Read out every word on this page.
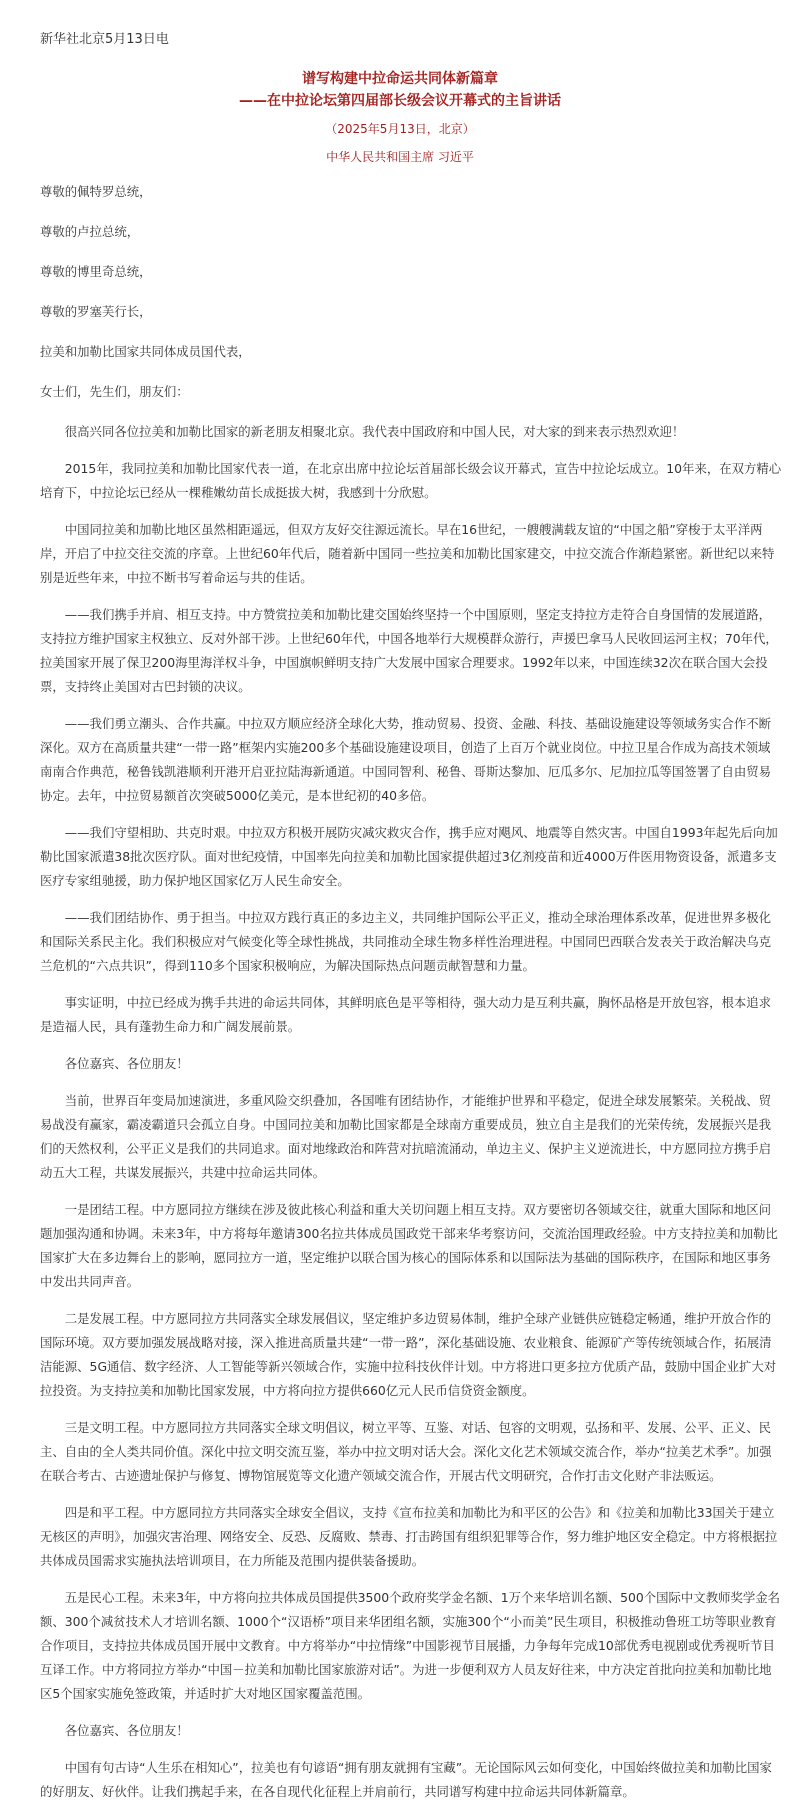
新华社北京5月13日电
谱写构建中拉命运共同体新篇章
——在中拉论坛第四届部长级会议开幕式的主旨讲话
（2025年5月13日，北京）
中华人民共和国主席 习近平

尊敬的佩特罗总统，

尊敬的卢拉总统，

尊敬的博里奇总统，

尊敬的罗塞芙行长，

拉美和加勒比国家共同体成员国代表，

女士们，先生们，朋友们：

　　很高兴同各位拉美和加勒比国家的新老朋友相聚北京。我代表中国政府和中国人民，对大家的到来表示热烈欢迎！

　　2015年，我同拉美和加勒比国家代表一道，在北京出席中拉论坛首届部长级会议开幕式，宣告中拉论坛成立。10年来，在双方精心培育下，中拉论坛已经从一棵稚嫩幼苗长成挺拔大树，我感到十分欣慰。

　　中国同拉美和加勒比地区虽然相距遥远，但双方友好交往源远流长。早在16世纪，一艘艘满载友谊的“中国之船”穿梭于太平洋两岸，开启了中拉交往交流的序章。上世纪60年代后，随着新中国同一些拉美和加勒比国家建交，中拉交流合作渐趋紧密。新世纪以来特别是近些年来，中拉不断书写着命运与共的佳话。

　　——我们携手并肩、相互支持。中方赞赏拉美和加勒比建交国始终坚持一个中国原则，坚定支持拉方走符合自身国情的发展道路，支持拉方维护国家主权独立、反对外部干涉。上世纪60年代，中国各地举行大规模群众游行，声援巴拿马人民收回运河主权；70年代，拉美国家开展了保卫200海里海洋权斗争，中国旗帜鲜明支持广大发展中国家合理要求。1992年以来，中国连续32次在联合国大会投票，支持终止美国对古巴封锁的决议。

　　——我们勇立潮头、合作共赢。中拉双方顺应经济全球化大势，推动贸易、投资、金融、科技、基础设施建设等领域务实合作不断深化。双方在高质量共建“一带一路”框架内实施200多个基础设施建设项目，创造了上百万个就业岗位。中拉卫星合作成为高技术领域南南合作典范，秘鲁钱凯港顺利开港开启亚拉陆海新通道。中国同智利、秘鲁、哥斯达黎加、厄瓜多尔、尼加拉瓜等国签署了自由贸易协定。去年，中拉贸易额首次突破5000亿美元，是本世纪初的40多倍。

　　——我们守望相助、共克时艰。中拉双方积极开展防灾减灾救灾合作，携手应对飓风、地震等自然灾害。中国自1993年起先后向加勒比国家派遣38批次医疗队。面对世纪疫情，中国率先向拉美和加勒比国家提供超过3亿剂疫苗和近4000万件医用物资设备，派遣多支医疗专家组驰援，助力保护地区国家亿万人民生命安全。

　　——我们团结协作、勇于担当。中拉双方践行真正的多边主义，共同维护国际公平正义，推动全球治理体系改革，促进世界多极化和国际关系民主化。我们积极应对气候变化等全球性挑战，共同推动全球生物多样性治理进程。中国同巴西联合发表关于政治解决乌克兰危机的“六点共识”，得到110多个国家积极响应，为解决国际热点问题贡献智慧和力量。

　　事实证明，中拉已经成为携手共进的命运共同体，其鲜明底色是平等相待，强大动力是互利共赢，胸怀品格是开放包容，根本追求是造福人民，具有蓬勃生命力和广阔发展前景。

　　各位嘉宾、各位朋友！

　　当前，世界百年变局加速演进，多重风险交织叠加，各国唯有团结协作，才能维护世界和平稳定，促进全球发展繁荣。关税战、贸易战没有赢家，霸凌霸道只会孤立自身。中国同拉美和加勒比国家都是全球南方重要成员，独立自主是我们的光荣传统，发展振兴是我们的天然权利，公平正义是我们的共同追求。面对地缘政治和阵营对抗暗流涌动，单边主义、保护主义逆流进长，中方愿同拉方携手启动五大工程，共谋发展振兴，共建中拉命运共同体。

　　一是团结工程。中方愿同拉方继续在涉及彼此核心利益和重大关切问题上相互支持。双方要密切各领域交往，就重大国际和地区问题加强沟通和协调。未来3年，中方将每年邀请300名拉共体成员国政党干部来华考察访问，交流治国理政经验。中方支持拉美和加勒比国家扩大在多边舞台上的影响，愿同拉方一道，坚定维护以联合国为核心的国际体系和以国际法为基础的国际秩序，在国际和地区事务中发出共同声音。

　　二是发展工程。中方愿同拉方共同落实全球发展倡议，坚定维护多边贸易体制，维护全球产业链供应链稳定畅通，维护开放合作的国际环境。双方要加强发展战略对接，深入推进高质量共建“一带一路”，深化基础设施、农业粮食、能源矿产等传统领域合作，拓展清洁能源、5G通信、数字经济、人工智能等新兴领域合作，实施中拉科技伙伴计划。中方将进口更多拉方优质产品，鼓励中国企业扩大对拉投资。为支持拉美和加勒比国家发展，中方将向拉方提供660亿元人民币信贷资金额度。

　　三是文明工程。中方愿同拉方共同落实全球文明倡议，树立平等、互鉴、对话、包容的文明观，弘扬和平、发展、公平、正义、民主、自由的全人类共同价值。深化中拉文明交流互鉴，举办中拉文明对话大会。深化文化艺术领域交流合作，举办“拉美艺术季”。加强在联合考古、古迹遗址保护与修复、博物馆展览等文化遗产领域交流合作，开展古代文明研究，合作打击文化财产非法贩运。

　　四是和平工程。中方愿同拉方共同落实全球安全倡议，支持《宣布拉美和加勒比为和平区的公告》和《拉美和加勒比33国关于建立无核区的声明》，加强灾害治理、网络安全、反恐、反腐败、禁毒、打击跨国有组织犯罪等合作，努力维护地区安全稳定。中方将根据拉共体成员国需求实施执法培训项目，在力所能及范围内提供装备援助。

　　五是民心工程。未来3年，中方将向拉共体成员国提供3500个政府奖学金名额、1万个来华培训名额、500个国际中文教师奖学金名额、300个减贫技术人才培训名额、1000个“汉语桥”项目来华团组名额，实施300个“小而美”民生项目，积极推动鲁班工坊等职业教育合作项目，支持拉共体成员国开展中文教育。中方将举办“中拉情缘”中国影视节目展播，力争每年完成10部优秀电视剧或优秀视听节目互译工作。中方将同拉方举办“中国－拉美和加勒比国家旅游对话”。为进一步便利双方人员友好往来，中方决定首批向拉美和加勒比地区5个国家实施免签政策，并适时扩大对地区国家覆盖范围。

　　各位嘉宾、各位朋友！

　　中国有句古诗“人生乐在相知心”，拉美也有句谚语“拥有朋友就拥有宝藏”。无论国际风云如何变化，中国始终做拉美和加勒比国家的好朋友、好伙伴。让我们携起手来，在各自现代化征程上并肩前行，共同谱写构建中拉命运共同体新篇章。
